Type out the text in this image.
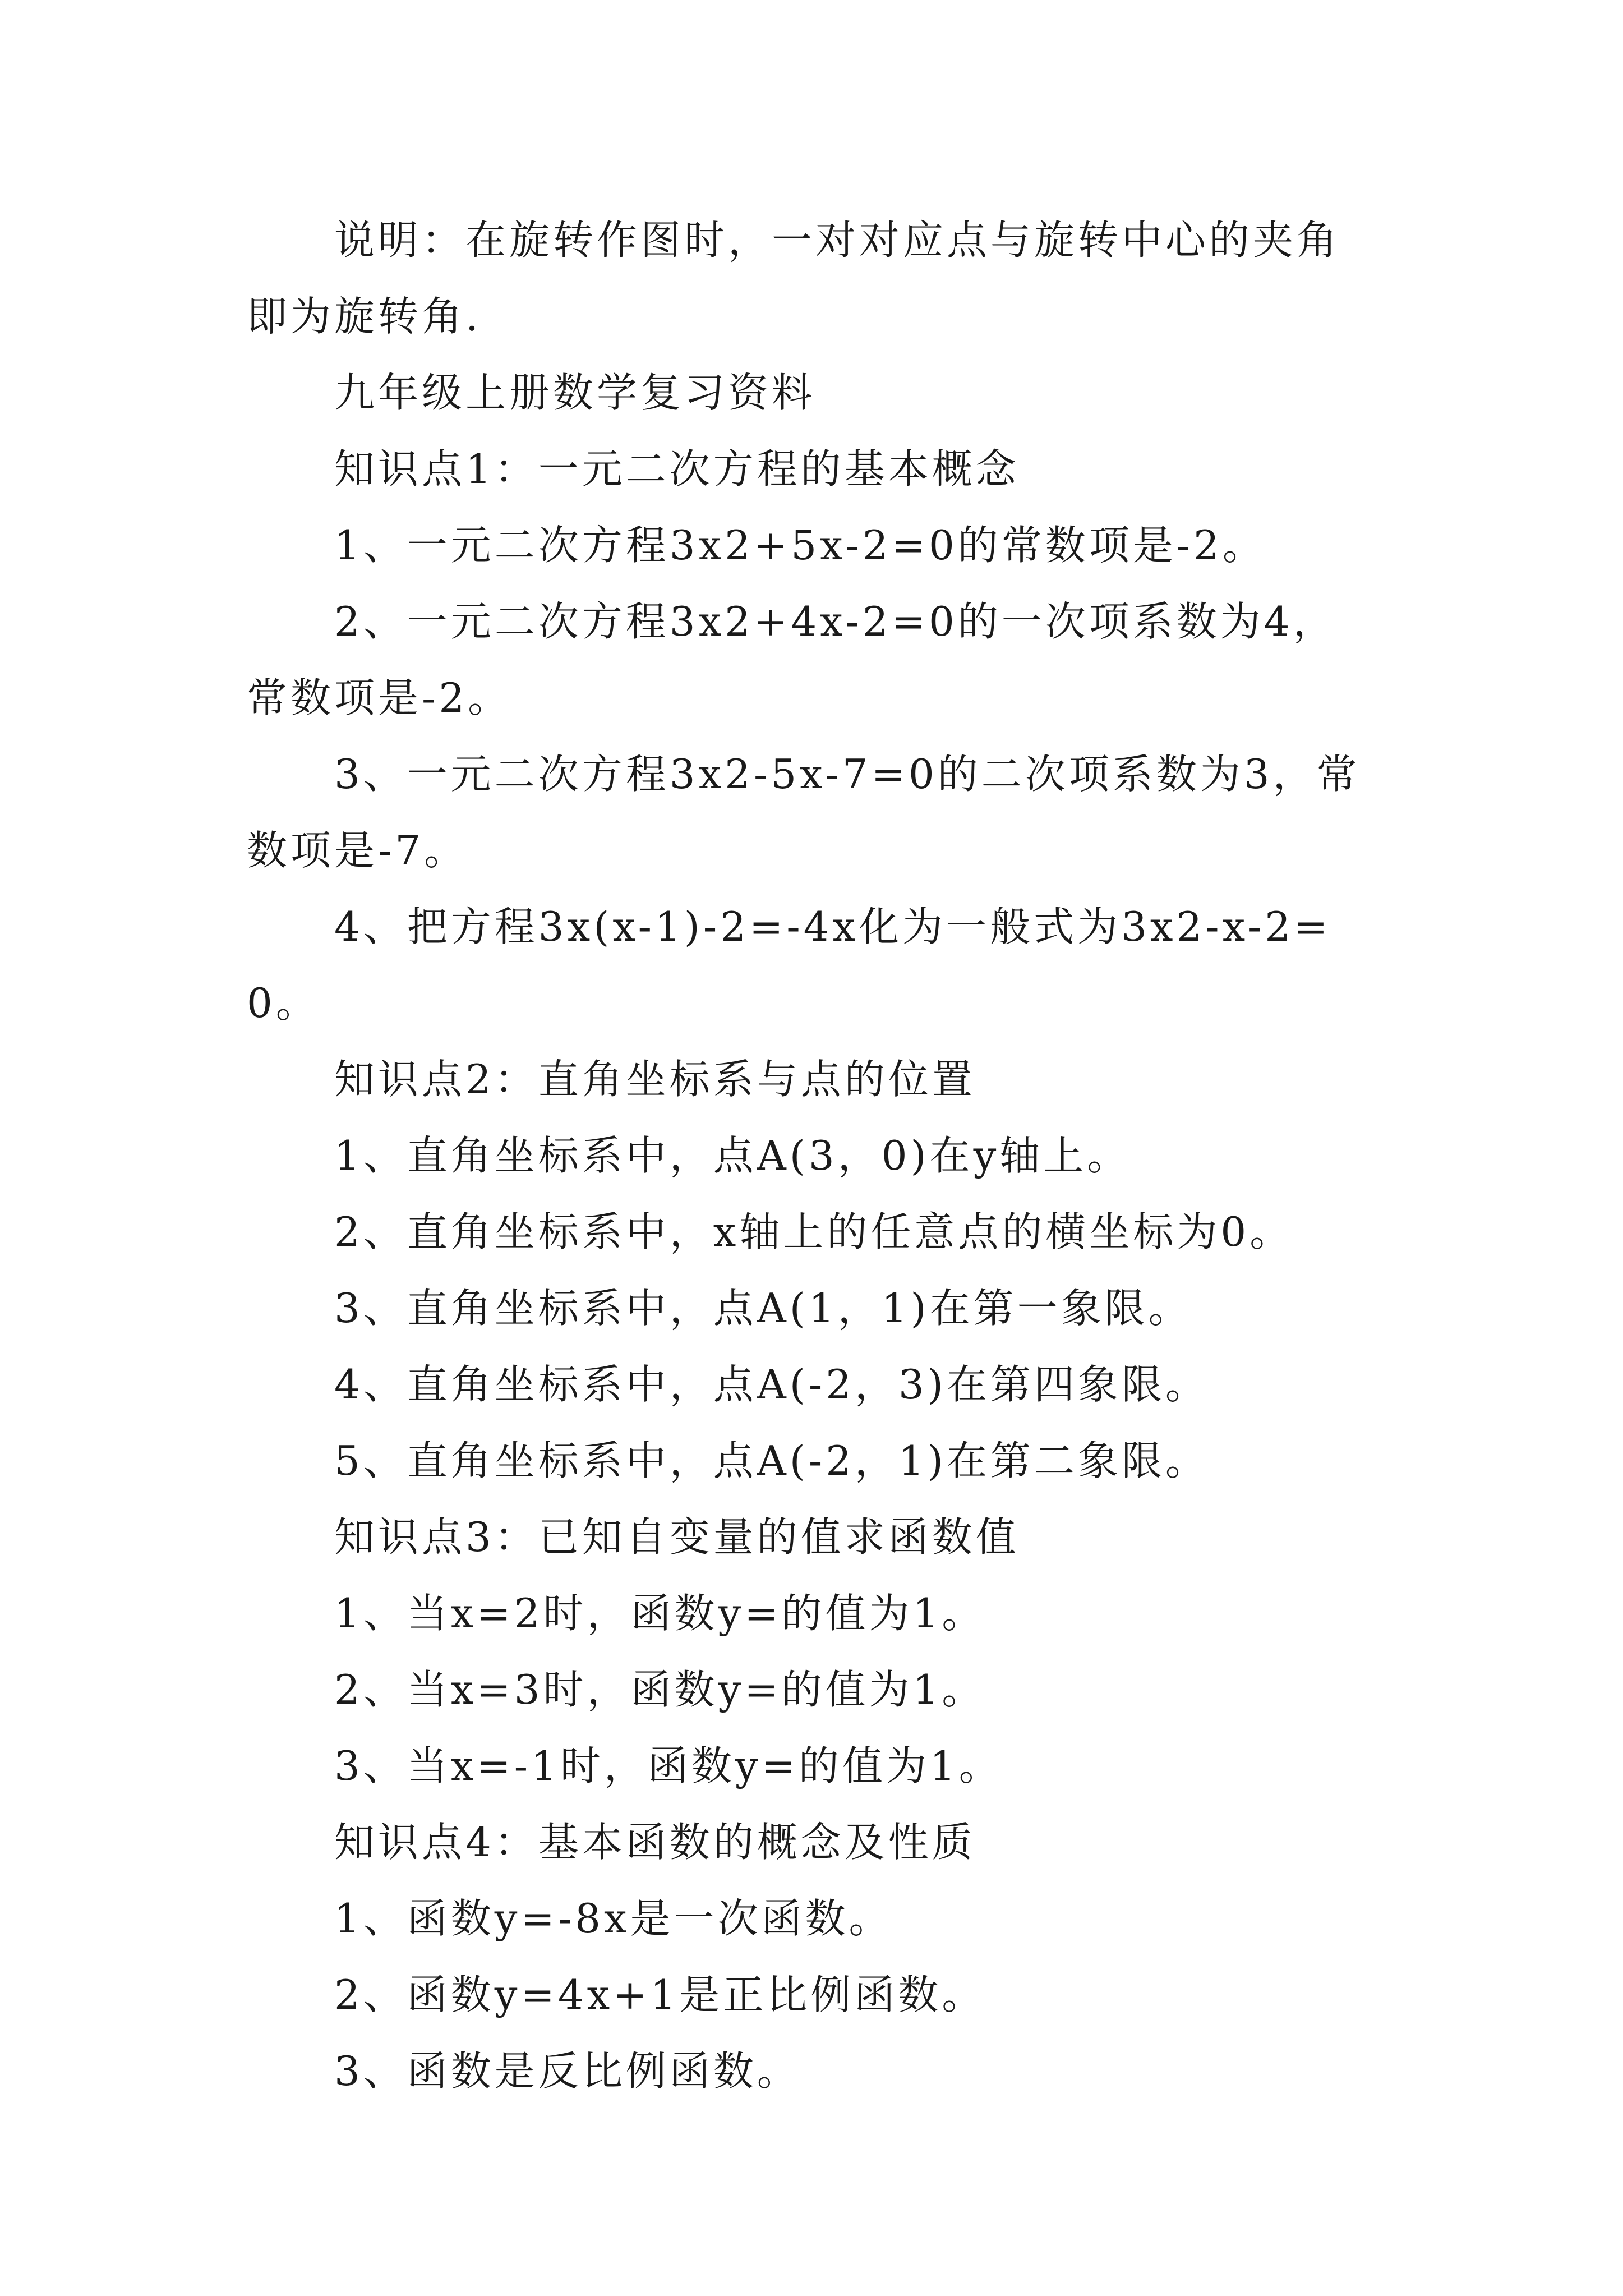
说明：在旋转作图时，一对对应点与旋转中心的夹角即为旋转角.

九年级上册数学复习资料

知识点1：一元二次方程的基本概念

1、一元二次方程3x2+5x-2=0的常数项是-2。

2、一元二次方程3x2+4x-2=0的一次项系数为4，常数项是-2。

3、一元二次方程3x2-5x-7=0的二次项系数为3，常数项是-7。

4、把方程3x(x-1)-2=-4x化为一般式为3x2-x-2=0。

知识点2：直角坐标系与点的位置

1、直角坐标系中，点A(3，0)在y轴上。

2、直角坐标系中，x轴上的任意点的横坐标为0。

3、直角坐标系中，点A(1，1)在第一象限。

4、直角坐标系中，点A(-2，3)在第四象限。

5、直角坐标系中，点A(-2，1)在第二象限。

知识点3：已知自变量的值求函数值

1、当x=2时，函数y=的值为1。

2、当x=3时，函数y=的值为1。

3、当x=-1时，函数y=的值为1。

知识点4：基本函数的概念及性质

1、函数y=-8x是一次函数。

2、函数y=4x+1是正比例函数。

3、函数是反比例函数。
